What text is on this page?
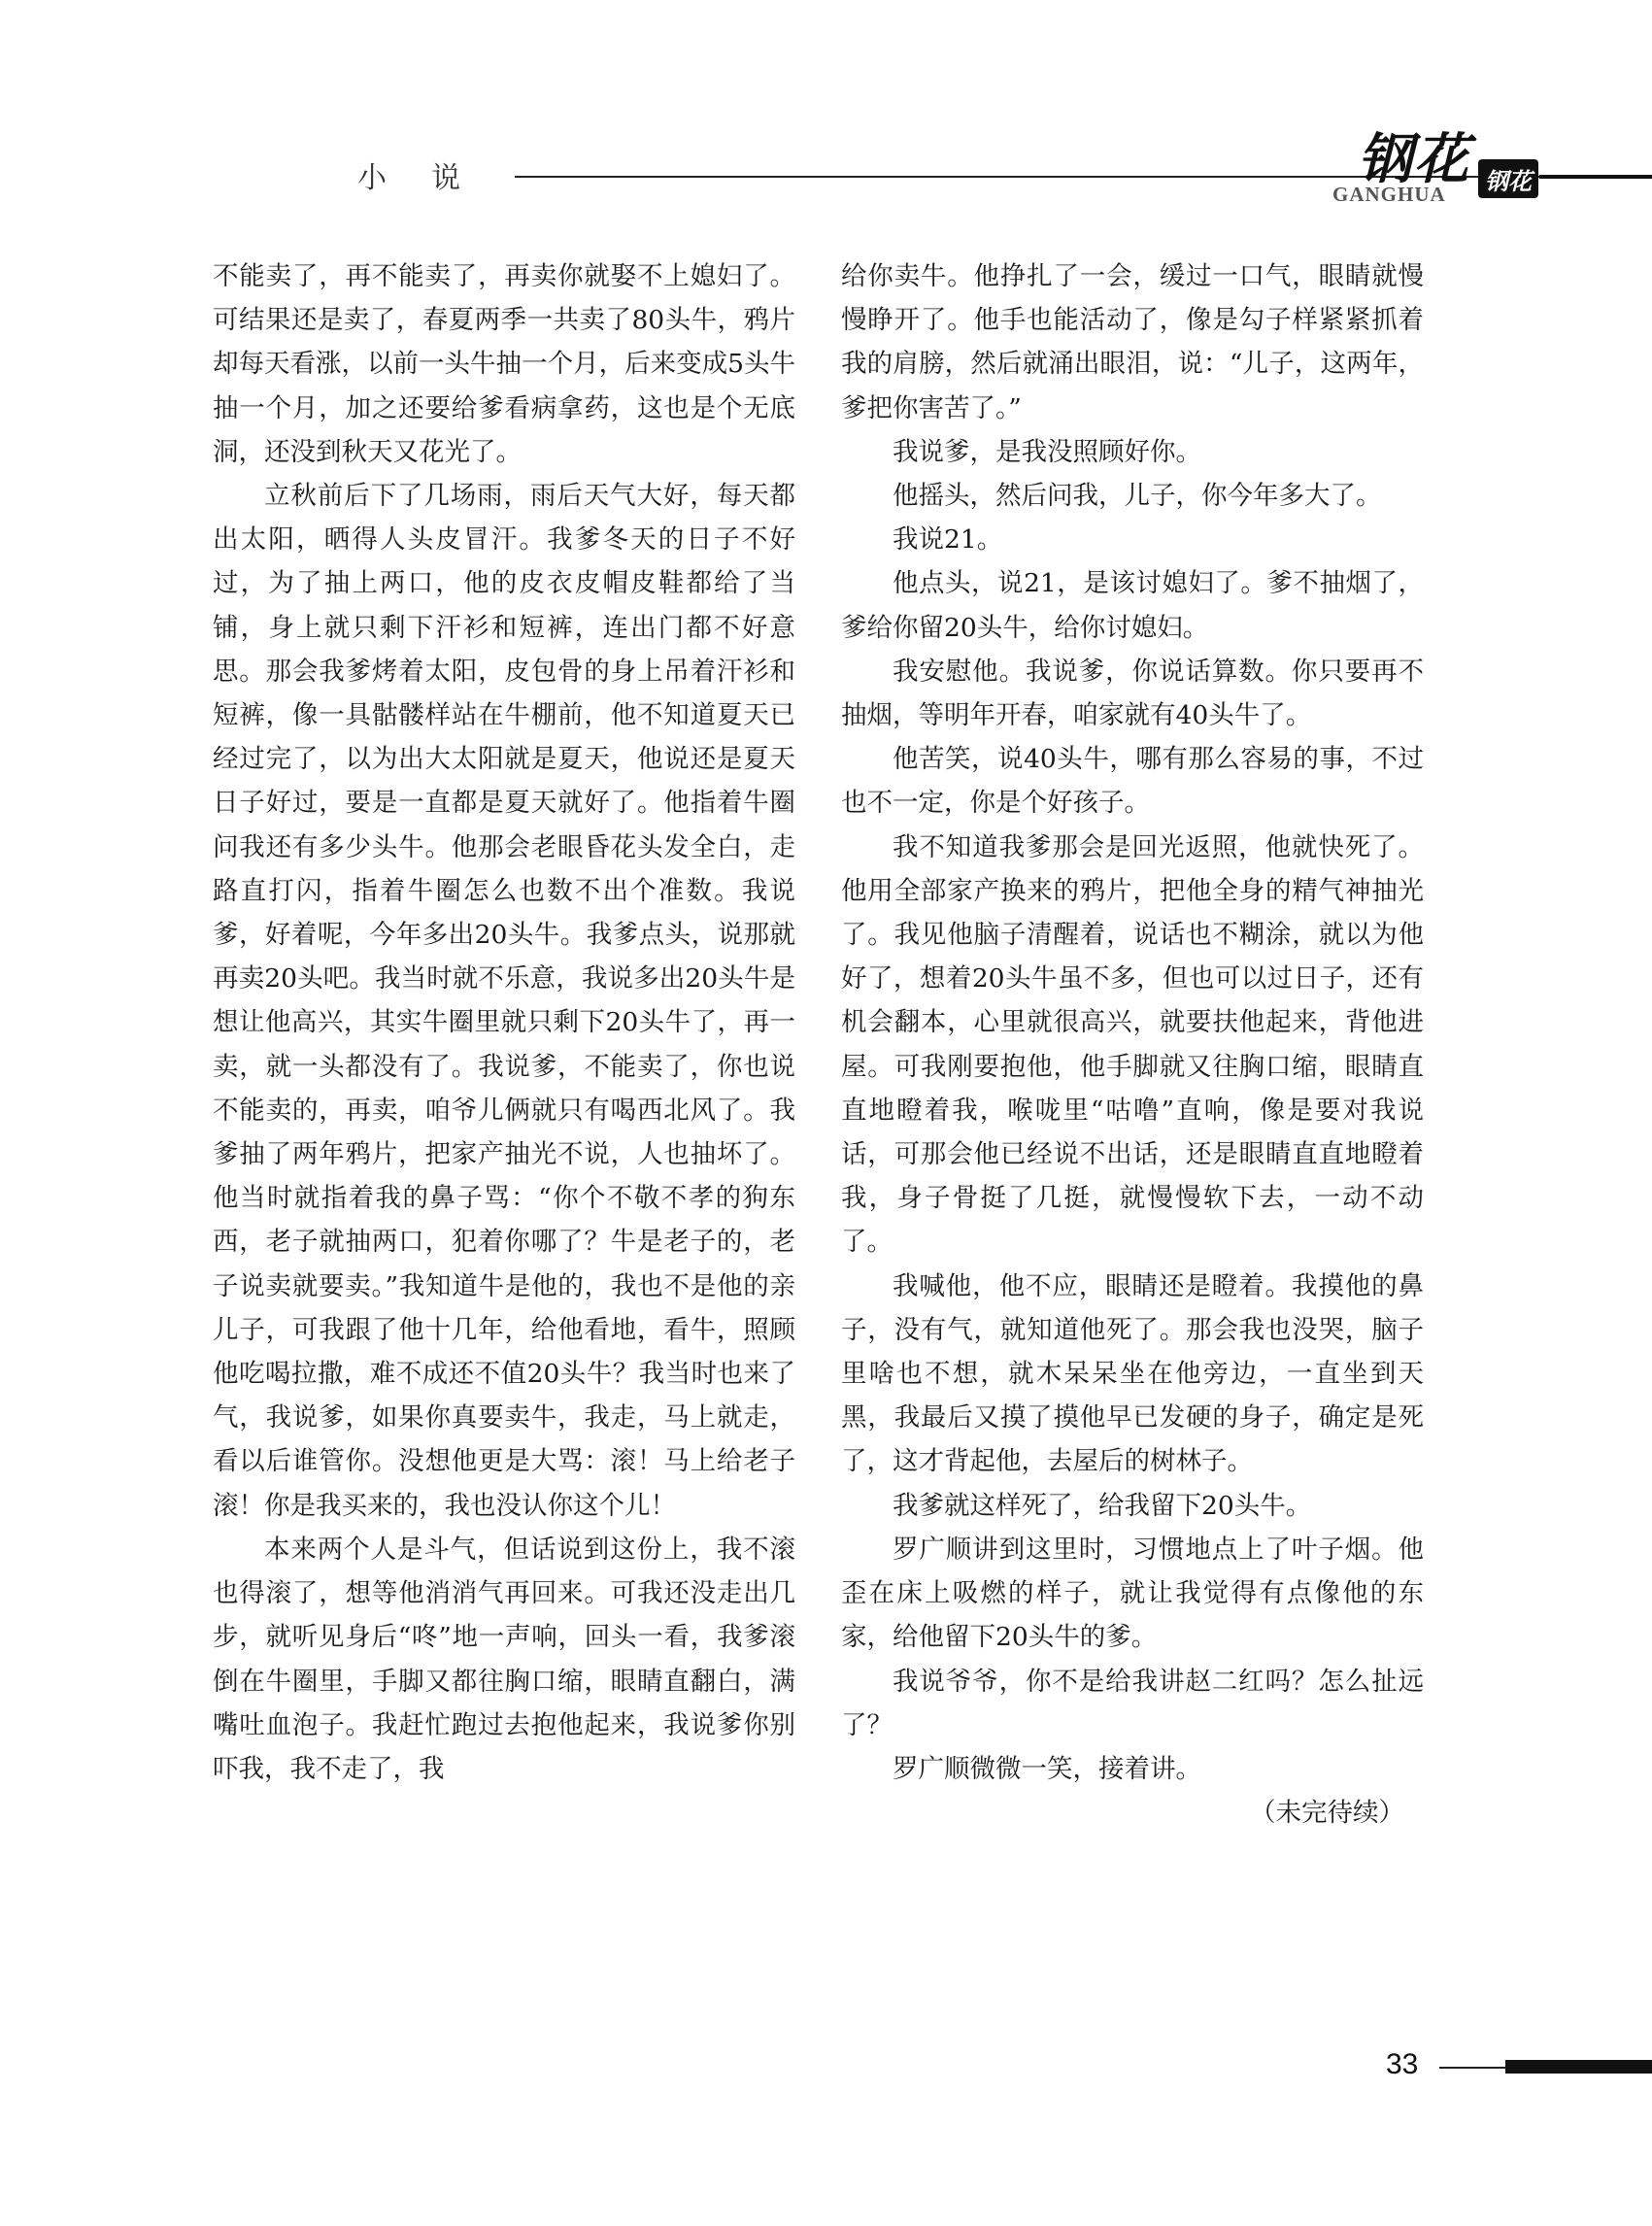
小说	钢花
GANGHUA 钢花

不能卖了，再不能卖了，再卖你就娶不上媳妇了。可结果还是卖了，春夏两季一共卖了80头牛，鸦片却每天看涨，以前一头牛抽一个月，后来变成5头牛抽一个月，加之还要给爹看病拿药，这也是个无底洞，还没到秋天又花光了。

立秋前后下了几场雨，雨后天气大好，每天都出太阳，晒得人头皮冒汗。我爹冬天的日子不好过，为了抽上两口，他的皮衣皮帽皮鞋都给了当铺，身上就只剩下汗衫和短裤，连出门都不好意思。那会我爹烤着太阳，皮包骨的身上吊着汗衫和短裤，像一具骷髅样站在牛棚前，他不知道夏天已经过完了，以为出大太阳就是夏天，他说还是夏天日子好过，要是一直都是夏天就好了。他指着牛圈问我还有多少头牛。他那会老眼昏花头发全白，走路直打闪，指着牛圈怎么也数不出个准数。我说爹，好着呢，今年多出20头牛。我爹点头，说那就再卖20头吧。我当时就不乐意，我说多出20头牛是想让他高兴，其实牛圈里就只剩下20头牛了，再一卖，就一头都没有了。我说爹，不能卖了，你也说不能卖的，再卖，咱爷儿俩就只有喝西北风了。我爹抽了两年鸦片，把家产抽光不说，人也抽坏了。他当时就指着我的鼻子骂：“你个不敬不孝的狗东西，老子就抽两口，犯着你哪了？牛是老子的，老子说卖就要卖。”我知道牛是他的，我也不是他的亲儿子，可我跟了他十几年，给他看地，看牛，照顾他吃喝拉撒，难不成还不值20头牛？我当时也来了气，我说爹，如果你真要卖牛，我走，马上就走，看以后谁管你。没想他更是大骂：滚！马上给老子滚！你是我买来的，我也没认你这个儿！

本来两个人是斗气，但话说到这份上，我不滚也得滚了，想等他消消气再回来。可我还没走出几步，就听见身后“咚”地一声响，回头一看，我爹滚倒在牛圈里，手脚又都往胸口缩，眼睛直翻白，满嘴吐血泡子。我赶忙跑过去抱他起来，我说爹你别吓我，我不走了，我

给你卖牛。他挣扎了一会，缓过一口气，眼睛就慢慢睁开了。他手也能活动了，像是勾子样紧紧抓着我的肩膀，然后就涌出眼泪，说：“儿子，这两年，爹把你害苦了。”

我说爹，是我没照顾好你。

他摇头，然后问我，儿子，你今年多大了。

我说21。

他点头，说21，是该讨媳妇了。爹不抽烟了，爹给你留20头牛，给你讨媳妇。

我安慰他。我说爹，你说话算数。你只要再不抽烟，等明年开春，咱家就有40头牛了。

他苦笑，说40头牛，哪有那么容易的事，不过也不一定，你是个好孩子。

我不知道我爹那会是回光返照，他就快死了。他用全部家产换来的鸦片，把他全身的精气神抽光了。我见他脑子清醒着，说话也不糊涂，就以为他好了，想着20头牛虽不多，但也可以过日子，还有机会翻本，心里就很高兴，就要扶他起来，背他进屋。可我刚要抱他，他手脚就又往胸口缩，眼睛直直地瞪着我，喉咙里“咕噜”直响，像是要对我说话，可那会他已经说不出话，还是眼睛直直地瞪着我，身子骨挺了几挺，就慢慢软下去，一动不动了。

我喊他，他不应，眼睛还是瞪着。我摸他的鼻子，没有气，就知道他死了。那会我也没哭，脑子里啥也不想，就木呆呆坐在他旁边，一直坐到天黑，我最后又摸了摸他早已发硬的身子，确定是死了，这才背起他，去屋后的树林子。

我爹就这样死了，给我留下20头牛。

罗广顺讲到这里时，习惯地点上了叶子烟。他歪在床上吸燃的样子，就让我觉得有点像他的东家，给他留下20头牛的爹。

我说爷爷，你不是给我讲赵二红吗？怎么扯远了？

罗广顺微微一笑，接着讲。

（未完待续）

33
